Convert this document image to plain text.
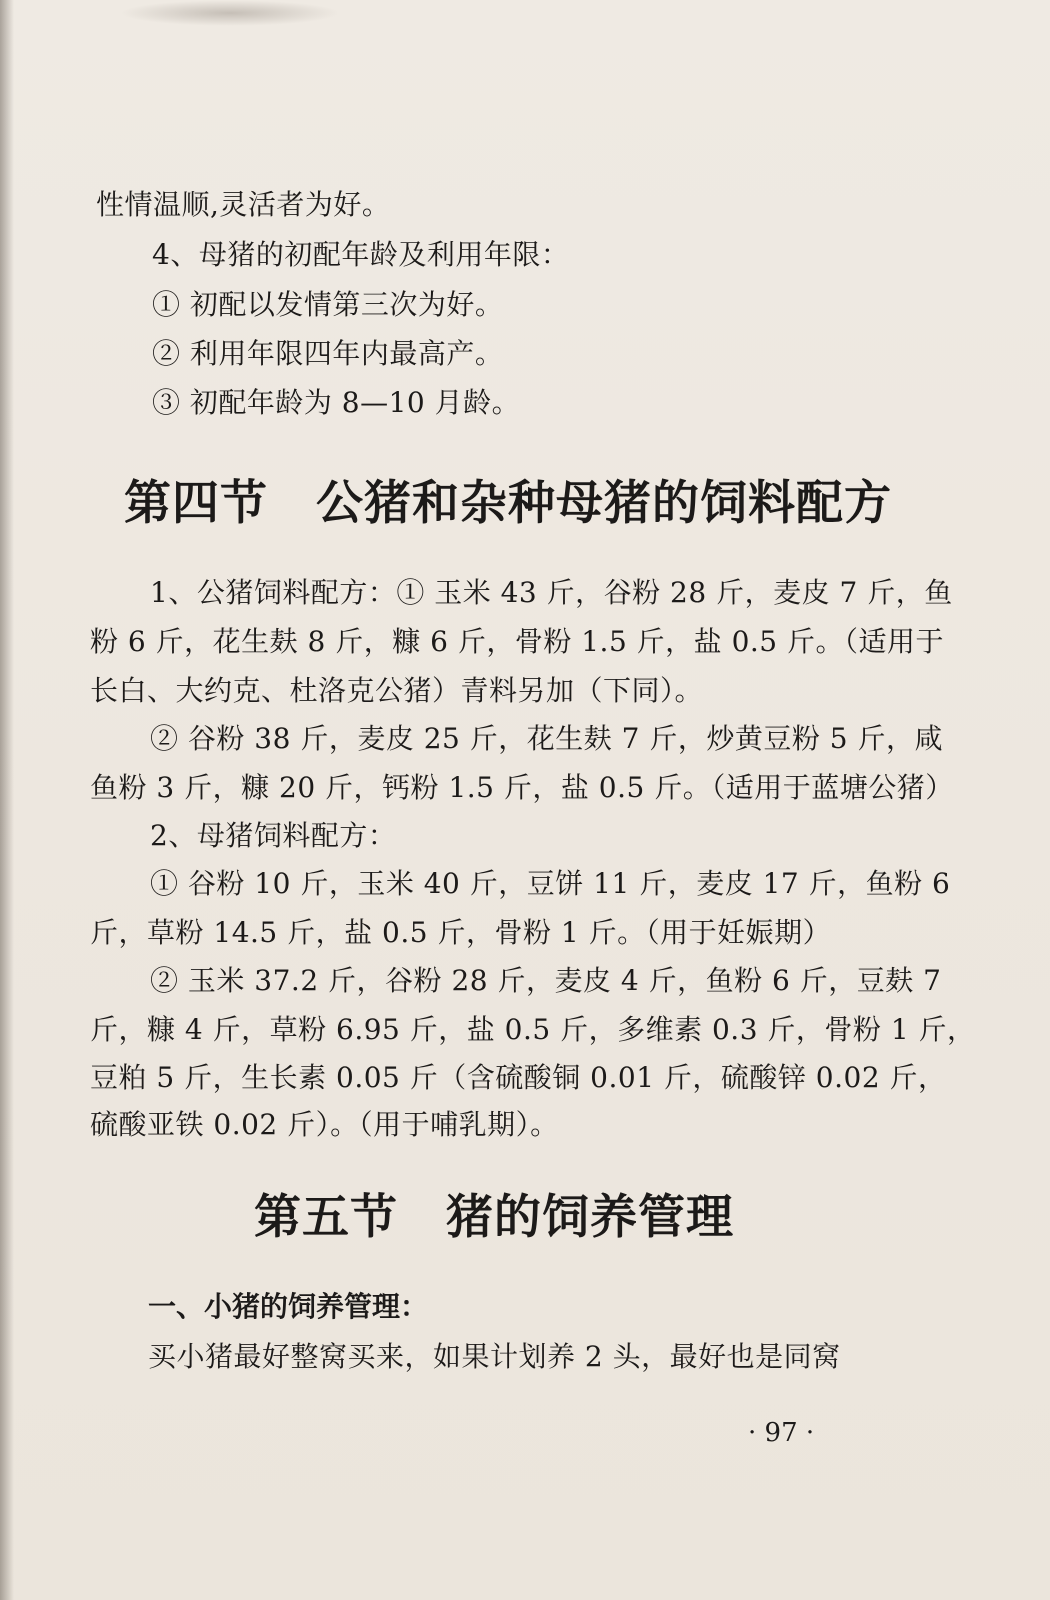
性情温顺,灵活者为好。
4、母猪的初配年龄及利用年限：
① 初配以发情第三次为好。
② 利用年限四年内最高产。
③ 初配年龄为 8—10 月龄。
第四节　公猪和杂种母猪的饲料配方
1、公猪饲料配方：① 玉米 43 斤，谷粉 28 斤，麦皮 7 斤，鱼
粉 6 斤，花生麸 8 斤，糠 6 斤，骨粉 1.5 斤，盐 0.5 斤。（适用于
长白、大约克、杜洛克公猪）青料另加（下同）。
② 谷粉 38 斤，麦皮 25 斤，花生麸 7 斤，炒黄豆粉 5 斤，咸
鱼粉 3 斤，糠 20 斤，钙粉 1.5 斤，盐 0.5 斤。（适用于蓝塘公猪）
2、母猪饲料配方：
① 谷粉 10 斤，玉米 40 斤，豆饼 11 斤，麦皮 17 斤，鱼粉 6
斤，草粉 14.5 斤，盐 0.5 斤，骨粉 1 斤。（用于妊娠期）
② 玉米 37.2 斤，谷粉 28 斤，麦皮 4 斤，鱼粉 6 斤，豆麸 7
斤，糠 4 斤，草粉 6.95 斤，盐 0.5 斤，多维素 0.3 斤，骨粉 1 斤，
豆粕 5 斤，生长素 0.05 斤（含硫酸铜 0.01 斤，硫酸锌 0.02 斤，
硫酸亚铁 0.02 斤）。（用于哺乳期）。
第五节　猪的饲养管理
一、小猪的饲养管理：
买小猪最好整窝买来，如果计划养 2 头，最好也是同窝
· 97 ·
